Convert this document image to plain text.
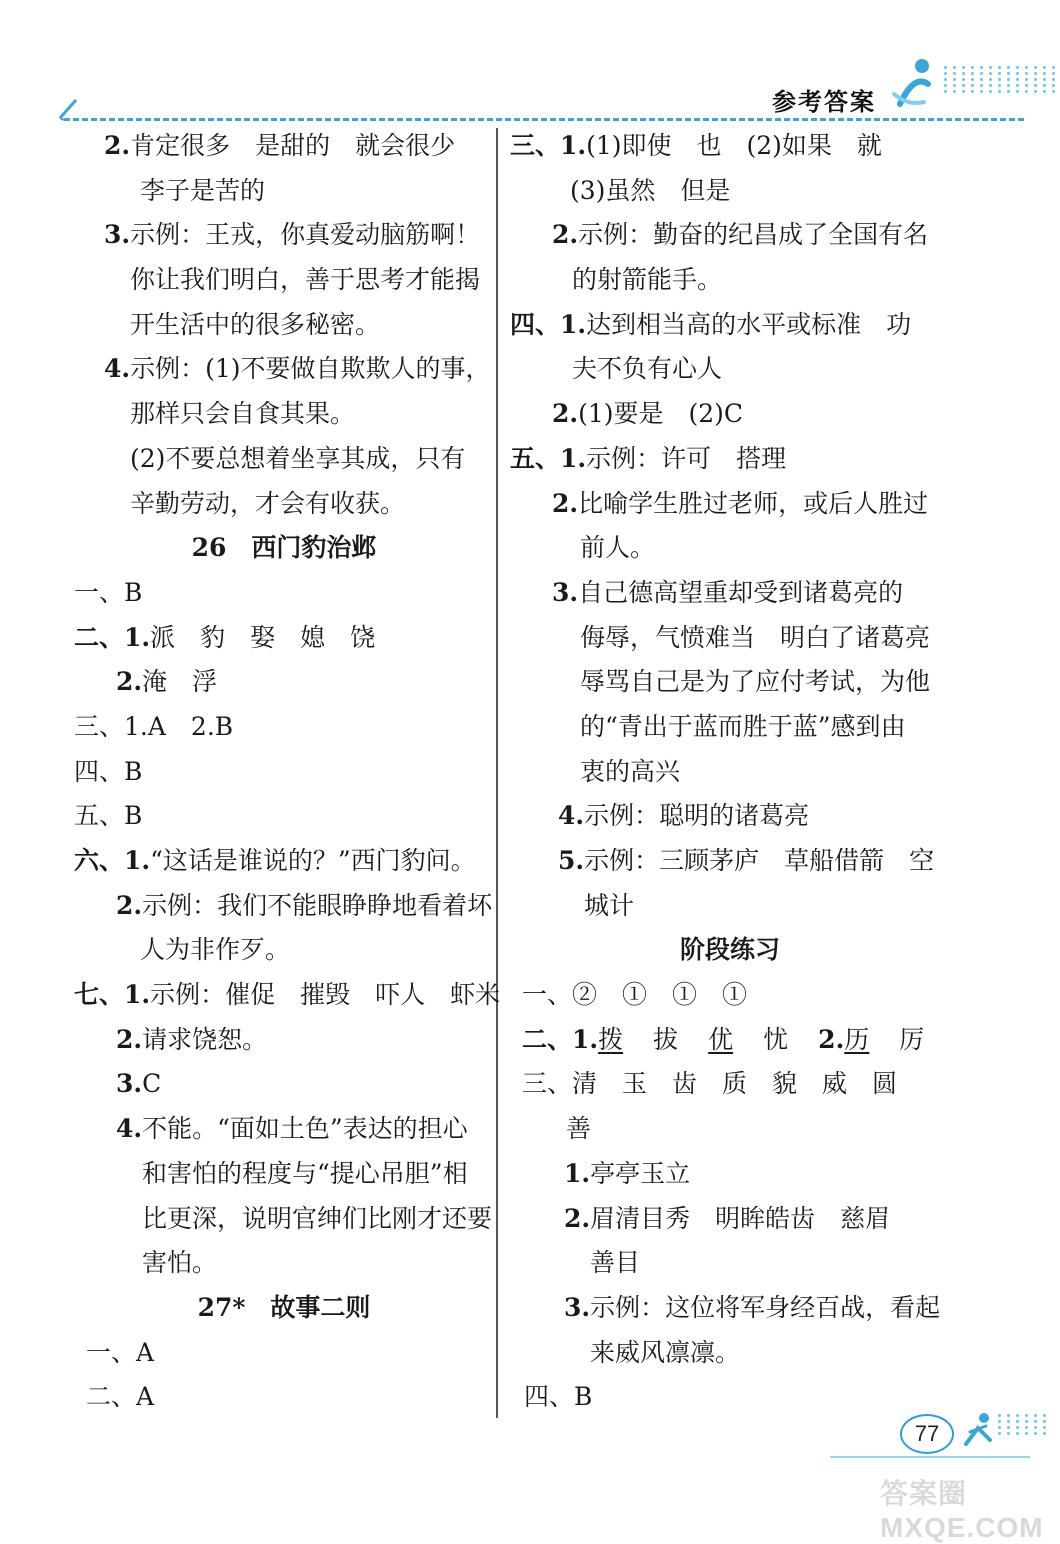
参考答案
2.肯定很多　是甜的　就会很少
李子是苦的
3.示例：王戎，你真爱动脑筋啊！
你让我们明白，善于思考才能揭
开生活中的很多秘密。
4.示例：(1)不要做自欺欺人的事，
那样只会自食其果。
(2)不要总想着坐享其成，只有
辛勤劳动，才会有收获。
26　西门豹治邺
一、B
二、1.派　豹　娶　媳　饶
2.淹　浮
三、1.A　2.B
四、B
五、B
六、1.“这话是谁说的？”西门豹问。
2.示例：我们不能眼睁睁地看着坏
人为非作歹。
七、1.示例：催促　摧毁　吓人　虾米
2.请求饶恕。
3.C
4.不能。“面如土色”表达的担心
和害怕的程度与“提心吊胆”相
比更深，说明官绅们比刚才还要
害怕。
27*　故事二则
一、A
二、A
三、1.(1)即使　也　(2)如果　就
(3)虽然　但是
2.示例：勤奋的纪昌成了全国有名
的射箭能手。
四、1.达到相当高的水平或标准　功
夫不负有心人
2.(1)要是　(2)C
五、1.示例：许可　搭理
2.比喻学生胜过老师，或后人胜过
前人。
3.自己德高望重却受到诸葛亮的
侮辱，气愤难当　明白了诸葛亮
辱骂自己是为了应付考试，为他
的“青出于蓝而胜于蓝”感到由
衷的高兴
4.示例：聪明的诸葛亮
5.示例：三顾茅庐　草船借箭　空
城计
阶段练习
一、②　①　①　①
二、1.拨 拔 优 忧 2.历 厉
三、清　玉　齿　质　貌　威　圆
善
1.亭亭玉立
2.眉清目秀　明眸皓齿　慈眉
善目
3.示例：这位将军身经百战，看起
来威风凛凛。
四、B
77
答案圈 MXQE.COM
